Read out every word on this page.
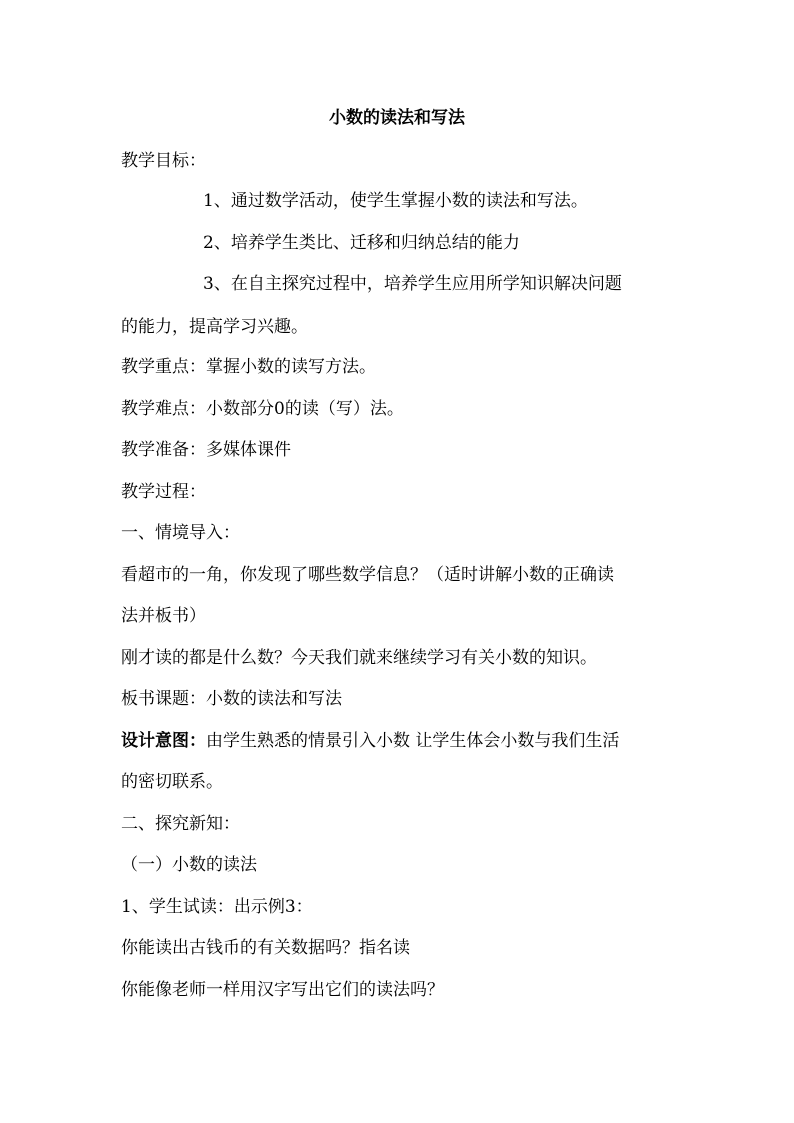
小数的读法和写法
教学目标：
1、通过数学活动，使学生掌握小数的读法和写法。
2、培养学生类比、迁移和归纳总结的能力
3、在自主探究过程中，培养学生应用所学知识解决问题
的能力，提高学习兴趣。
教学重点：掌握小数的读写方法。
教学难点：小数部分0的读（写）法。
教学准备：多媒体课件
教学过程：
一、情境导入：
看超市的一角，你发现了哪些数学信息？（适时讲解小数的正确读
法并板书）
刚才读的都是什么数？今天我们就来继续学习有关小数的知识。
板书课题：小数的读法和写法
设计意图：由学生熟悉的情景引入小数 让学生体会小数与我们生活
的密切联系。
二、探究新知：
（一）小数的读法
1、学生试读：出示例3：
你能读出古钱币的有关数据吗？指名读
你能像老师一样用汉字写出它们的读法吗？
